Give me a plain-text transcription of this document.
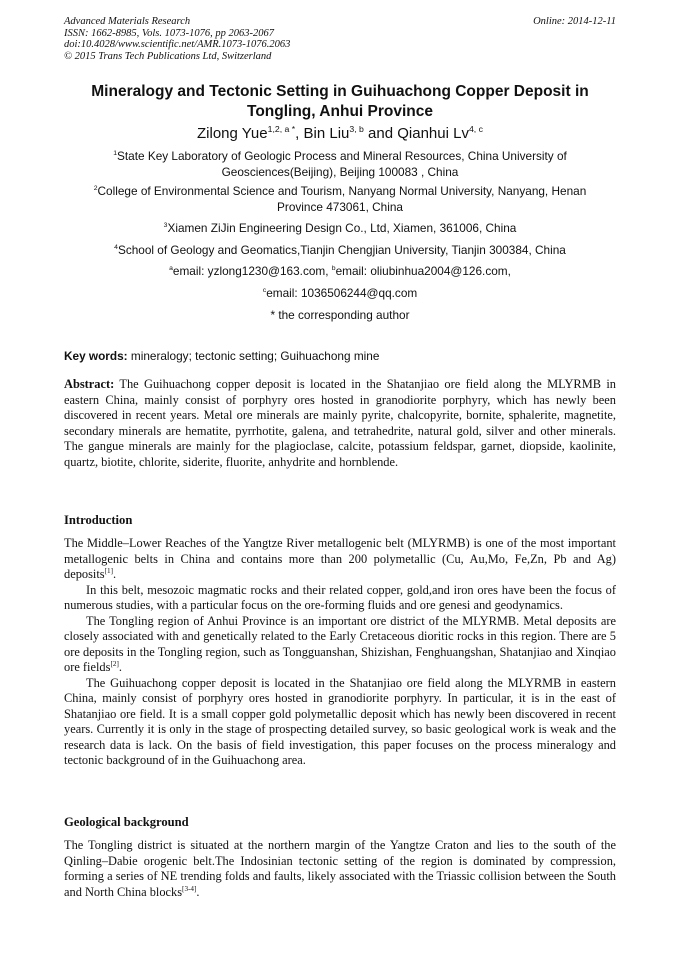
Advanced Materials Research
ISSN: 1662-8985, Vols. 1073-1076, pp 2063-2067
doi:10.4028/www.scientific.net/AMR.1073-1076.2063
© 2015 Trans Tech Publications Ltd, Switzerland
Online: 2014-12-11
Mineralogy and Tectonic Setting in Guihuachong Copper Deposit in Tongling, Anhui Province
Zilong Yue$^{1,2, a *}$, Bin Liu$^{3, b}$ and Qianhui Lv$^{4, c}$
$^1$State Key Laboratory of Geologic Process and Mineral Resources, China University of Geosciences(Beijing), Beijing 100083 , China
$^2$College of Environmental Science and Tourism, Nanyang Normal University, Nanyang, Henan Province 473061, China
$^3$Xiamen ZiJin Engineering Design Co., Ltd, Xiamen, 361006, China
$^4$School of Geology and Geomatics,Tianjin Chengjian University, Tianjin 300384, China
$^a$email: yzlong1230@163.com, $^b$email: oliubinhua2004@126.com,
$^c$email: 1036506244@qq.com
* the corresponding author
Key words: mineralogy; tectonic setting; Guihuachong mine

Abstract: The Guihuachong copper deposit is located in the Shatanjiao ore field along the MLYRMB in eastern China, mainly consist of porphyry ores hosted in granodiorite porphyry, which has newly been discovered in recent years. Metal ore minerals are mainly pyrite, chalcopyrite, bornite, sphalerite, magnetite, secondary minerals are hematite, pyrrhotite, galena, and tetrahedrite, natural gold, silver and other minerals. The gangue minerals are mainly for the plagioclase, calcite, potassium feldspar, garnet, diopside, kaolinite, quartz, biotite, chlorite, siderite, fluorite, anhydrite and hornblende.

Introduction

The Middle–Lower Reaches of the Yangtze River metallogenic belt (MLYRMB) is one of the most important metallogenic belts in China and contains more than 200 polymetallic (Cu, Au,Mo, Fe,Zn, Pb and Ag) deposits[1].

In this belt, mesozoic magmatic rocks and their related copper, gold,and iron ores have been the focus of numerous studies, with a particular focus on the ore-forming fluids and ore genesi and geodynamics.

The Tongling region of Anhui Province is an important ore district of the MLYRMB. Metal deposits are closely associated with and genetically related to the Early Cretaceous dioritic rocks in this region. There are 5 ore deposits in the Tongling region, such as Tongguanshan, Shizishan, Fenghuangshan, Shatanjiao and Xinqiao ore fields[2].

The Guihuachong copper deposit is located in the Shatanjiao ore field along the MLYRMB in eastern China, mainly consist of porphyry ores hosted in granodiorite porphyry. In particular, it is in the east of Shatanjiao ore field. It is a small copper gold polymetallic deposit which has newly been discovered in recent years. Currently it is only in the stage of prospecting detailed survey, so basic geological work is weak and the research data is lack. On the basis of field investigation, this paper focuses on the process mineralogy and tectonic background of in the Guihuachong area.

Geological background

The Tongling district is situated at the northern margin of the Yangtze Craton and lies to the south of the Qinling–Dabie orogenic belt.The Indosinian tectonic setting of the region is dominated by compression, forming a series of NE trending folds and faults, likely associated with the Triassic collision between the South and North China blocks[3-4].
